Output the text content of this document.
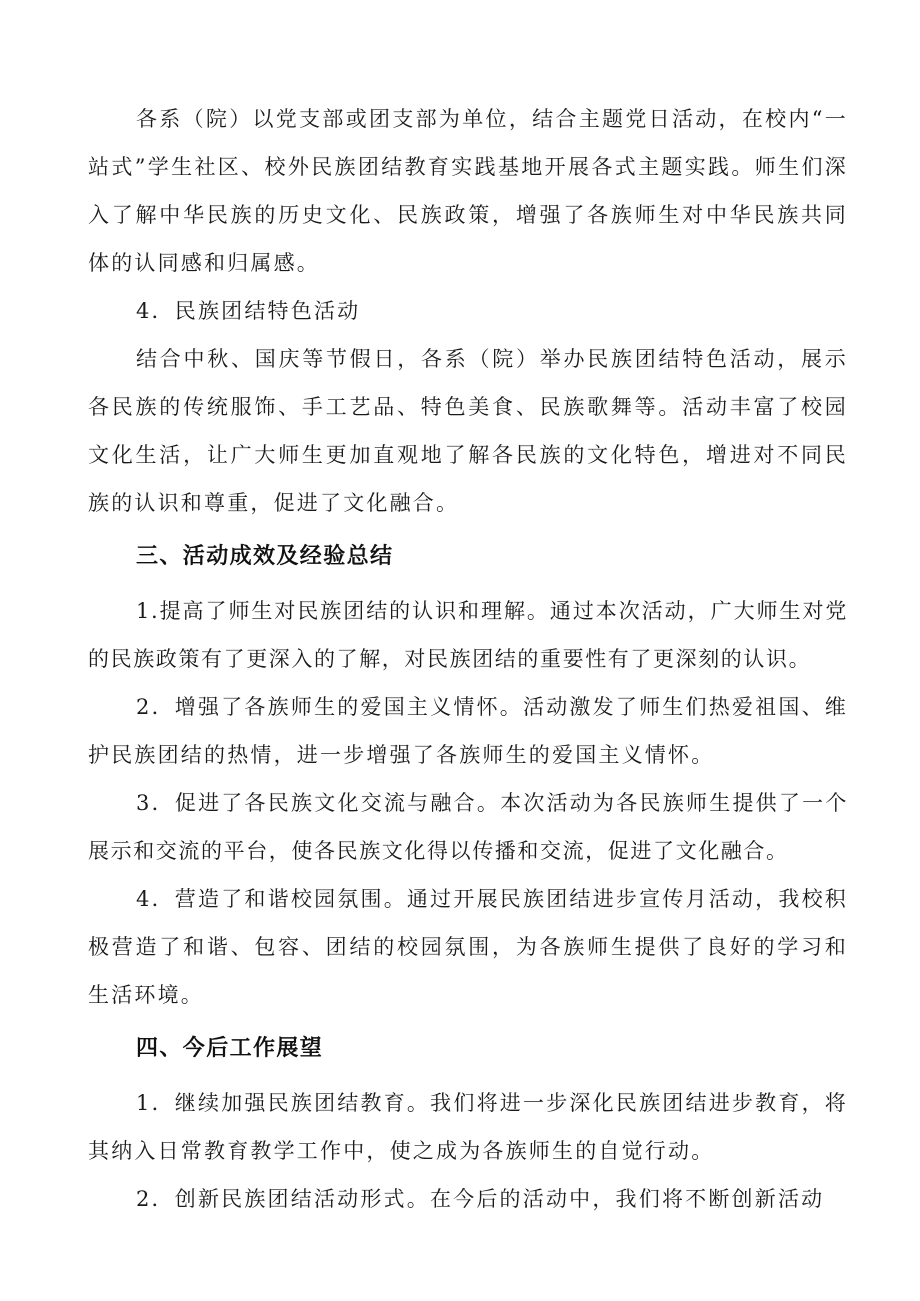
各系（院）以党支部或团支部为单位，结合主题党日活动，在校内“一站式”学生社区、校外民族团结教育实践基地开展各式主题实践。师生们深入了解中华民族的历史文化、民族政策，增强了各族师生对中华民族共同体的认同感和归属感。

4．民族团结特色活动

结合中秋、国庆等节假日，各系（院）举办民族团结特色活动，展示各民族的传统服饰、手工艺品、特色美食、民族歌舞等。活动丰富了校园文化生活，让广大师生更加直观地了解各民族的文化特色，增进对不同民族的认识和尊重，促进了文化融合。

三、活动成效及经验总结

1.提高了师生对民族团结的认识和理解。通过本次活动，广大师生对党的民族政策有了更深入的了解，对民族团结的重要性有了更深刻的认识。

2．增强了各族师生的爱国主义情怀。活动激发了师生们热爱祖国、维护民族团结的热情，进一步增强了各族师生的爱国主义情怀。

3．促进了各民族文化交流与融合。本次活动为各民族师生提供了一个展示和交流的平台，使各民族文化得以传播和交流，促进了文化融合。

4．营造了和谐校园氛围。通过开展民族团结进步宣传月活动，我校积极营造了和谐、包容、团结的校园氛围，为各族师生提供了良好的学习和生活环境。

四、今后工作展望

1．继续加强民族团结教育。我们将进一步深化民族团结进步教育，将其纳入日常教育教学工作中，使之成为各族师生的自觉行动。

2．创新民族团结活动形式。在今后的活动中，我们将不断创新活动
